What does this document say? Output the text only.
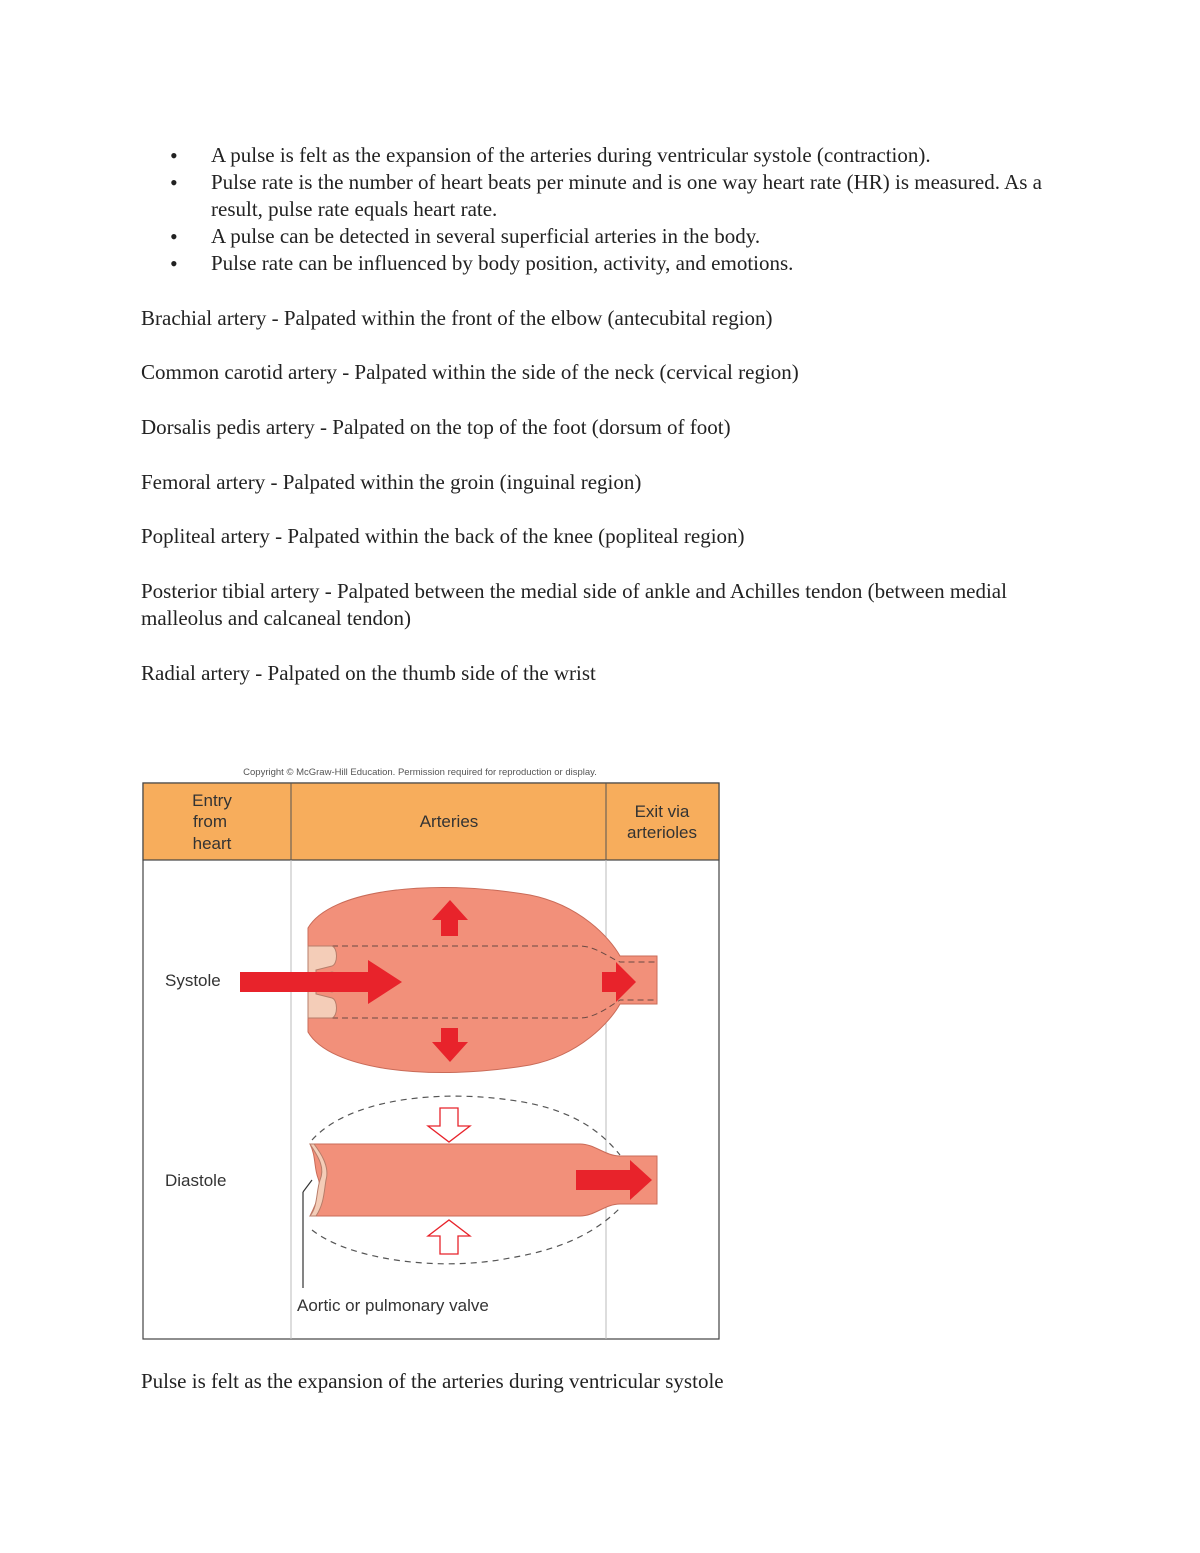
• A pulse is felt as the expansion of the arteries during ventricular systole (contraction).
• Pulse rate is the number of heart beats per minute and is one way heart rate (HR) is measured. As a result, pulse rate equals heart rate.
• A pulse can be detected in several superficial arteries in the body.
• Pulse rate can be influenced by body position, activity, and emotions.

Brachial artery - Palpated within the front of the elbow (antecubital region)

Common carotid artery - Palpated within the side of the neck (cervical region)

Dorsalis pedis artery - Palpated on the top of the foot (dorsum of foot)

Femoral artery - Palpated within the groin (inguinal region)

Popliteal artery - Palpated within the back of the knee (popliteal region)

Posterior tibial artery - Palpated between the medial side of ankle and Achilles tendon (between medial malleolus and calcaneal tendon)

Radial artery - Palpated on the thumb side of the wrist

Copyright © McGraw-Hill Education. Permission required for reproduction or display.
Entry
from
heart
Arteries
Exit via
arterioles
Systole
Diastole
Aortic or pulmonary valve

Pulse is felt as the expansion of the arteries during ventricular systole
